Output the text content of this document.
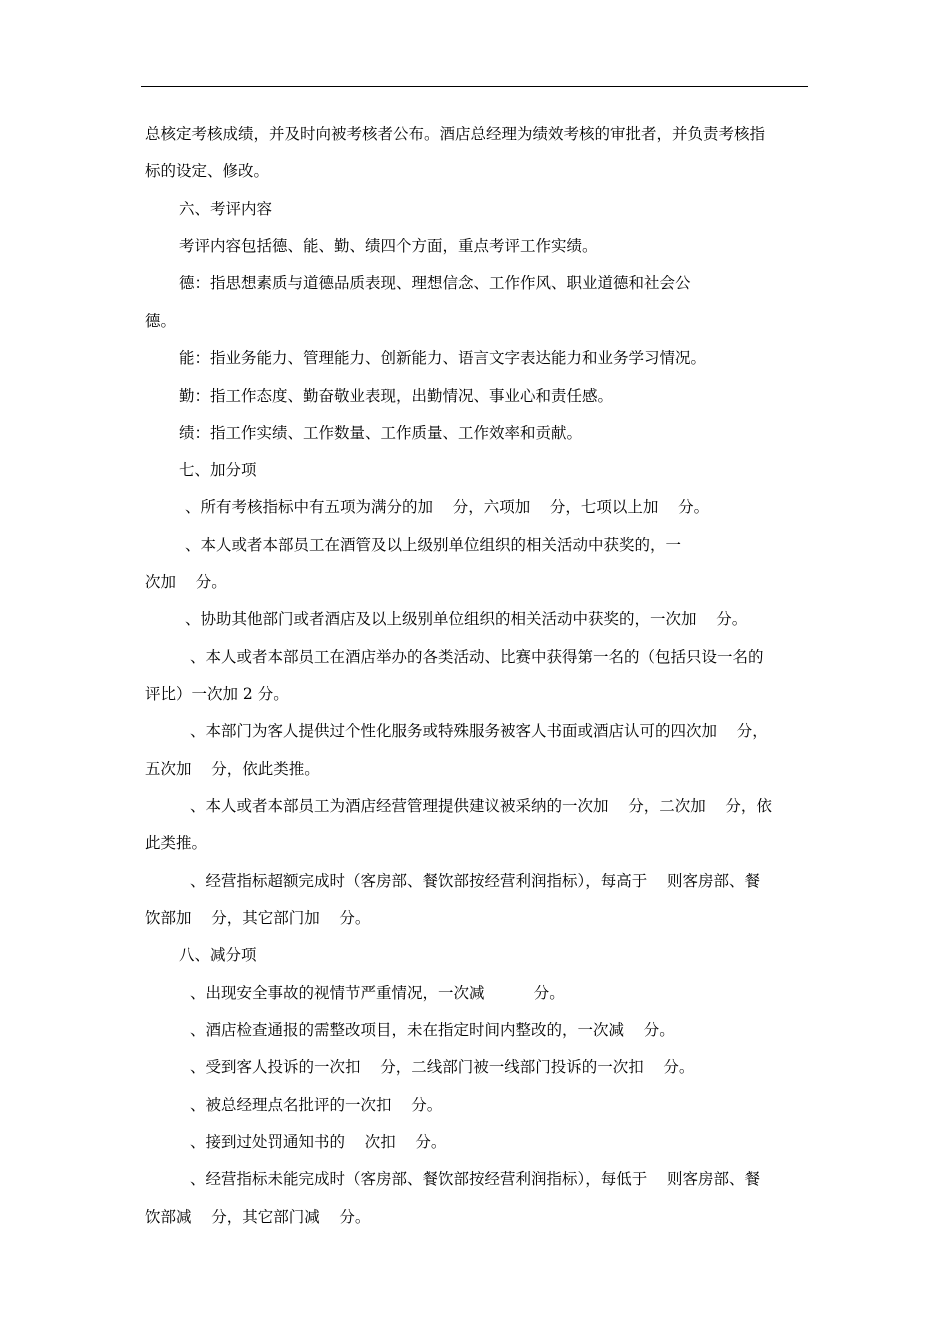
总核定考核成绩，并及时向被考核者公布。酒店总经理为绩效考核的审批者，并负责考核指
标的设定、修改。
六、考评内容
考评内容包括德、能、勤、绩四个方面，重点考评工作实绩。
德：指思想素质与道德品质表现、理想信念、工作作风、职业道德和社会公
德。
能：指业务能力、管理能力、创新能力、语言文字表达能力和业务学习情况。
勤：指工作态度、勤奋敬业表现，出勤情况、事业心和责任感。
绩：指工作实绩、工作数量、工作质量、工作效率和贡献。
七、加分项
、所有考核指标中有五项为满分的加    分，六项加    分，七项以上加    分。
、本人或者本部员工在酒管及以上级别单位组织的相关活动中获奖的，一
次加    分。
、协助其他部门或者酒店及以上级别单位组织的相关活动中获奖的，一次加    分。
、本人或者本部员工在酒店举办的各类活动、比赛中获得第一名的（包括只设一名的
评比）一次加 2 分。
、本部门为客人提供过个性化服务或特殊服务被客人书面或酒店认可的四次加    分，
五次加    分，依此类推。
、本人或者本部员工为酒店经营管理提供建议被采纳的一次加    分，二次加    分，依
此类推。
、经营指标超额完成时（客房部、餐饮部按经营利润指标），每高于    则客房部、餐
饮部加    分，其它部门加    分。
八、减分项
、出现安全事故的视情节严重情况，一次减          分。
、酒店检查通报的需整改项目，未在指定时间内整改的，一次减    分。
、受到客人投诉的一次扣    分，二线部门被一线部门投诉的一次扣    分。
、被总经理点名批评的一次扣    分。
、接到过处罚通知书的    次扣    分。
、经营指标未能完成时（客房部、餐饮部按经营利润指标），每低于    则客房部、餐
饮部减    分，其它部门减    分。
